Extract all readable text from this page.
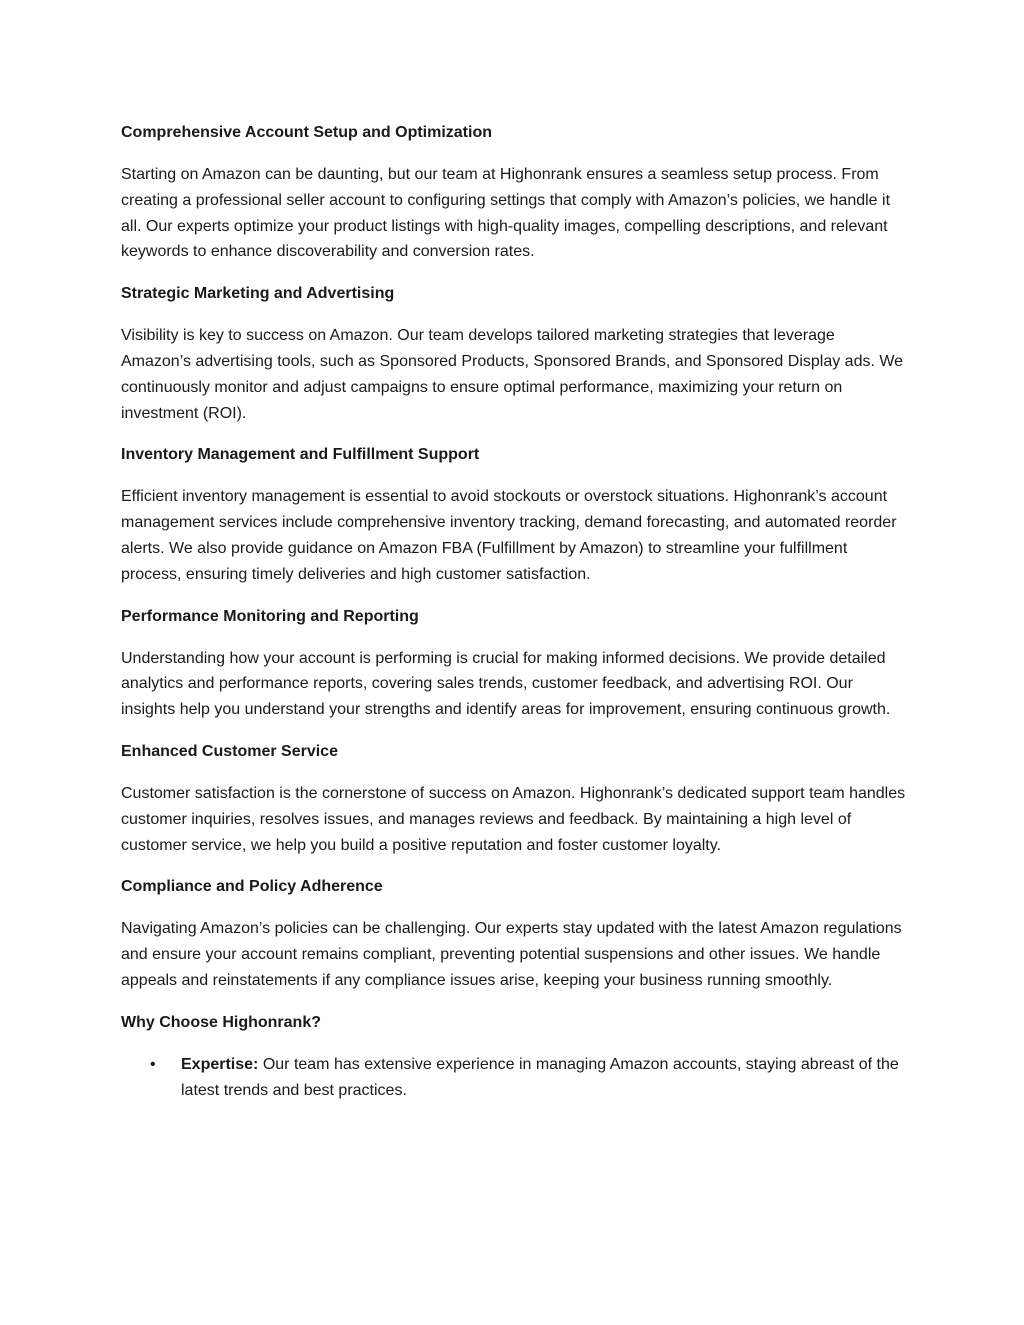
Comprehensive Account Setup and Optimization

Starting on Amazon can be daunting, but our team at Highonrank ensures a seamless setup process. From creating a professional seller account to configuring settings that comply with Amazon’s policies, we handle it all. Our experts optimize your product listings with high-quality images, compelling descriptions, and relevant keywords to enhance discoverability and conversion rates.

Strategic Marketing and Advertising

Visibility is key to success on Amazon. Our team develops tailored marketing strategies that leverage Amazon’s advertising tools, such as Sponsored Products, Sponsored Brands, and Sponsored Display ads. We continuously monitor and adjust campaigns to ensure optimal performance, maximizing your return on investment (ROI).

Inventory Management and Fulfillment Support

Efficient inventory management is essential to avoid stockouts or overstock situations. Highonrank’s account management services include comprehensive inventory tracking, demand forecasting, and automated reorder alerts. We also provide guidance on Amazon FBA (Fulfillment by Amazon) to streamline your fulfillment process, ensuring timely deliveries and high customer satisfaction.

Performance Monitoring and Reporting

Understanding how your account is performing is crucial for making informed decisions. We provide detailed analytics and performance reports, covering sales trends, customer feedback, and advertising ROI. Our insights help you understand your strengths and identify areas for improvement, ensuring continuous growth.

Enhanced Customer Service

Customer satisfaction is the cornerstone of success on Amazon. Highonrank’s dedicated support team handles customer inquiries, resolves issues, and manages reviews and feedback. By maintaining a high level of customer service, we help you build a positive reputation and foster customer loyalty.

Compliance and Policy Adherence

Navigating Amazon’s policies can be challenging. Our experts stay updated with the latest Amazon regulations and ensure your account remains compliant, preventing potential suspensions and other issues. We handle appeals and reinstatements if any compliance issues arise, keeping your business running smoothly.

Why Choose Highonrank?
• Expertise: Our team has extensive experience in managing Amazon accounts, staying abreast of the latest trends and best practices.
